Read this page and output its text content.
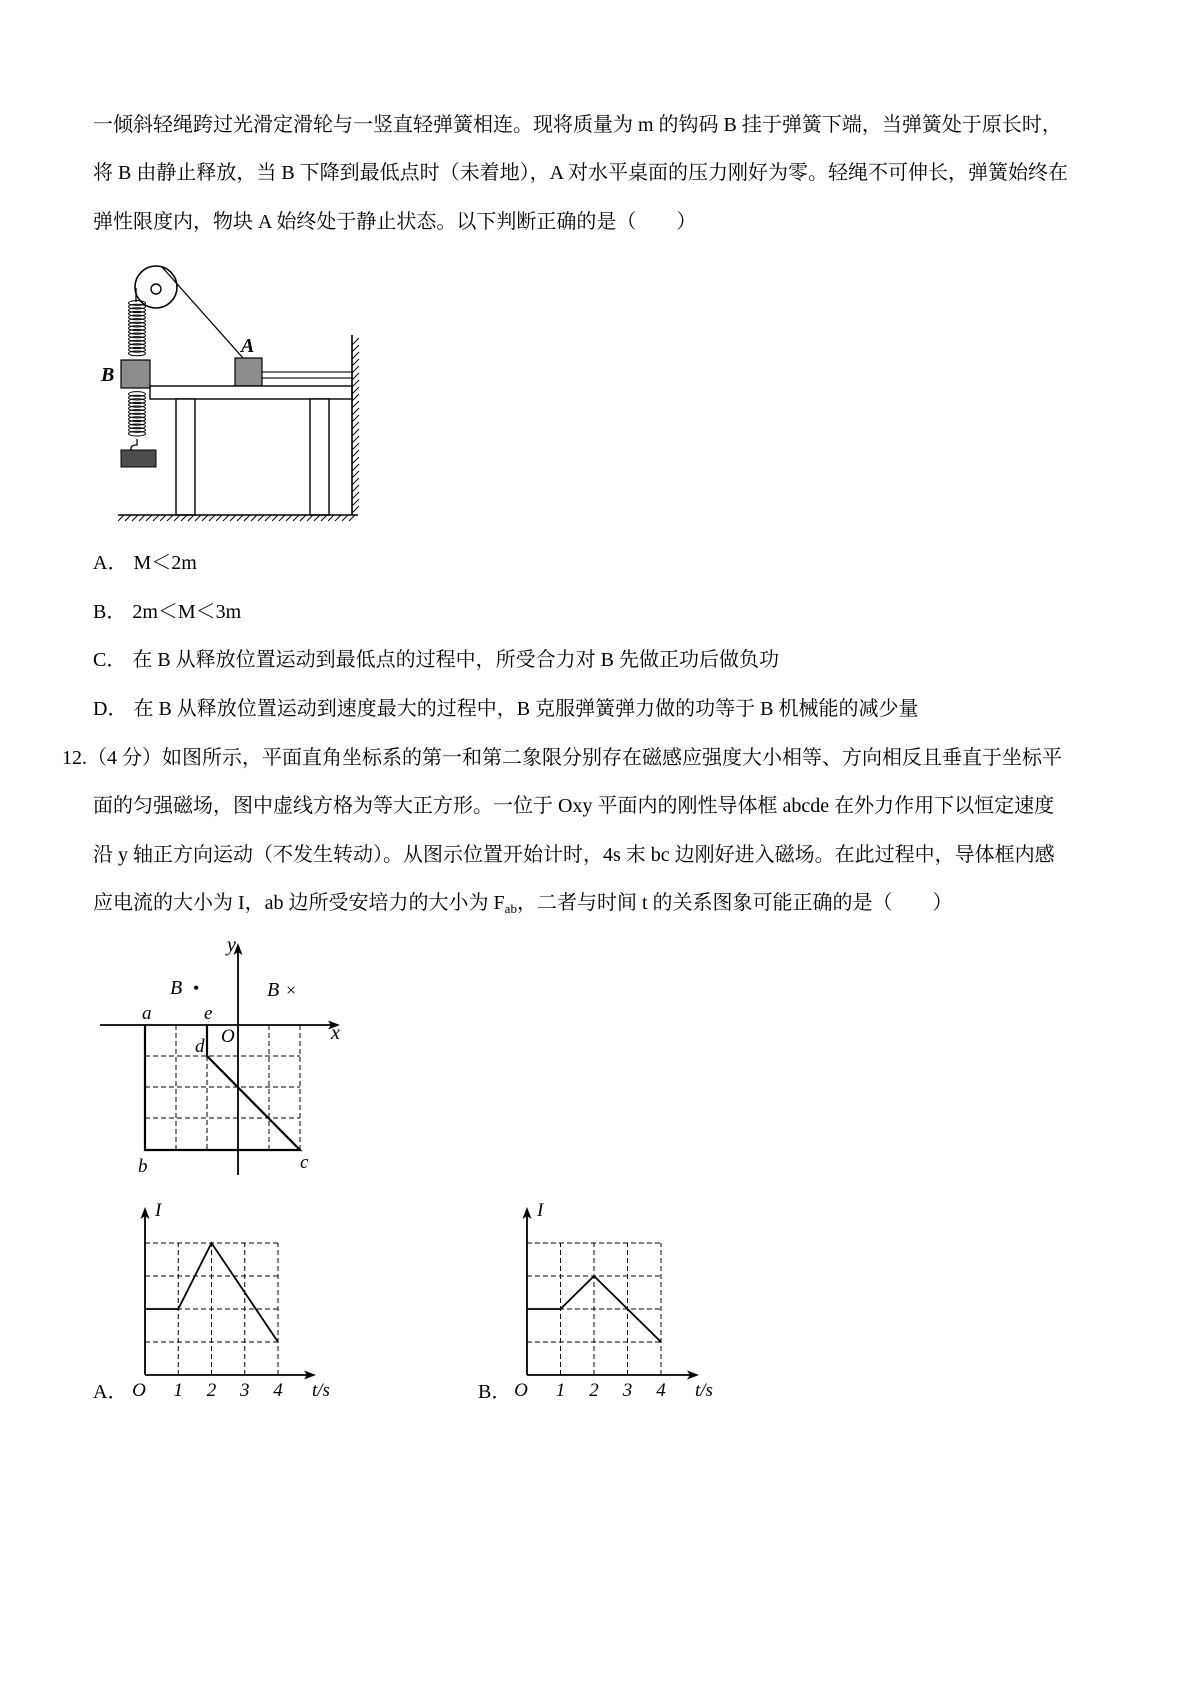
一倾斜轻绳跨过光滑定滑轮与一竖直轻弹簧相连。现将质量为 m 的钩码 B 挂于弹簧下端，当弹簧处于原长时，
将 B 由静止释放，当 B 下降到最低点时（未着地），A 对水平桌面的压力刚好为零。轻绳不可伸长，弹簧始终在
弹性限度内，物块 A 始终处于静止状态。以下判断正确的是（　　）
B
A
A． M＜2m
B． 2m＜M＜3m
C． 在 B 从释放位置运动到最低点的过程中，所受合力对 B 先做正功后做负功
D． 在 B 从释放位置运动到速度最大的过程中，B 克服弹簧弹力做的功等于 B 机械能的减少量
12.（4 分）如图所示，平面直角坐标系的第一和第二象限分别存在磁感应强度大小相等、方向相反且垂直于坐标平
面的匀强磁场，图中虚线方格为等大正方形。一位于 Oxy 平面内的刚性导体框 abcde 在外力作用下以恒定速度
沿 y 轴正方向运动（不发生转动）。从图示位置开始计时，4s 末 bc 边刚好进入磁场。在此过程中，导体框内感
应电流的大小为 I，ab 边所受安培力的大小为 $F_{ab}$，二者与时间 t 的关系图象可能正确的是（　　）
y
x
O
a
b	c
d
e
B •	B ×
O 1 2 3 4 t/s
I
O 1 2 3 4 t/s
I
A．	B．
